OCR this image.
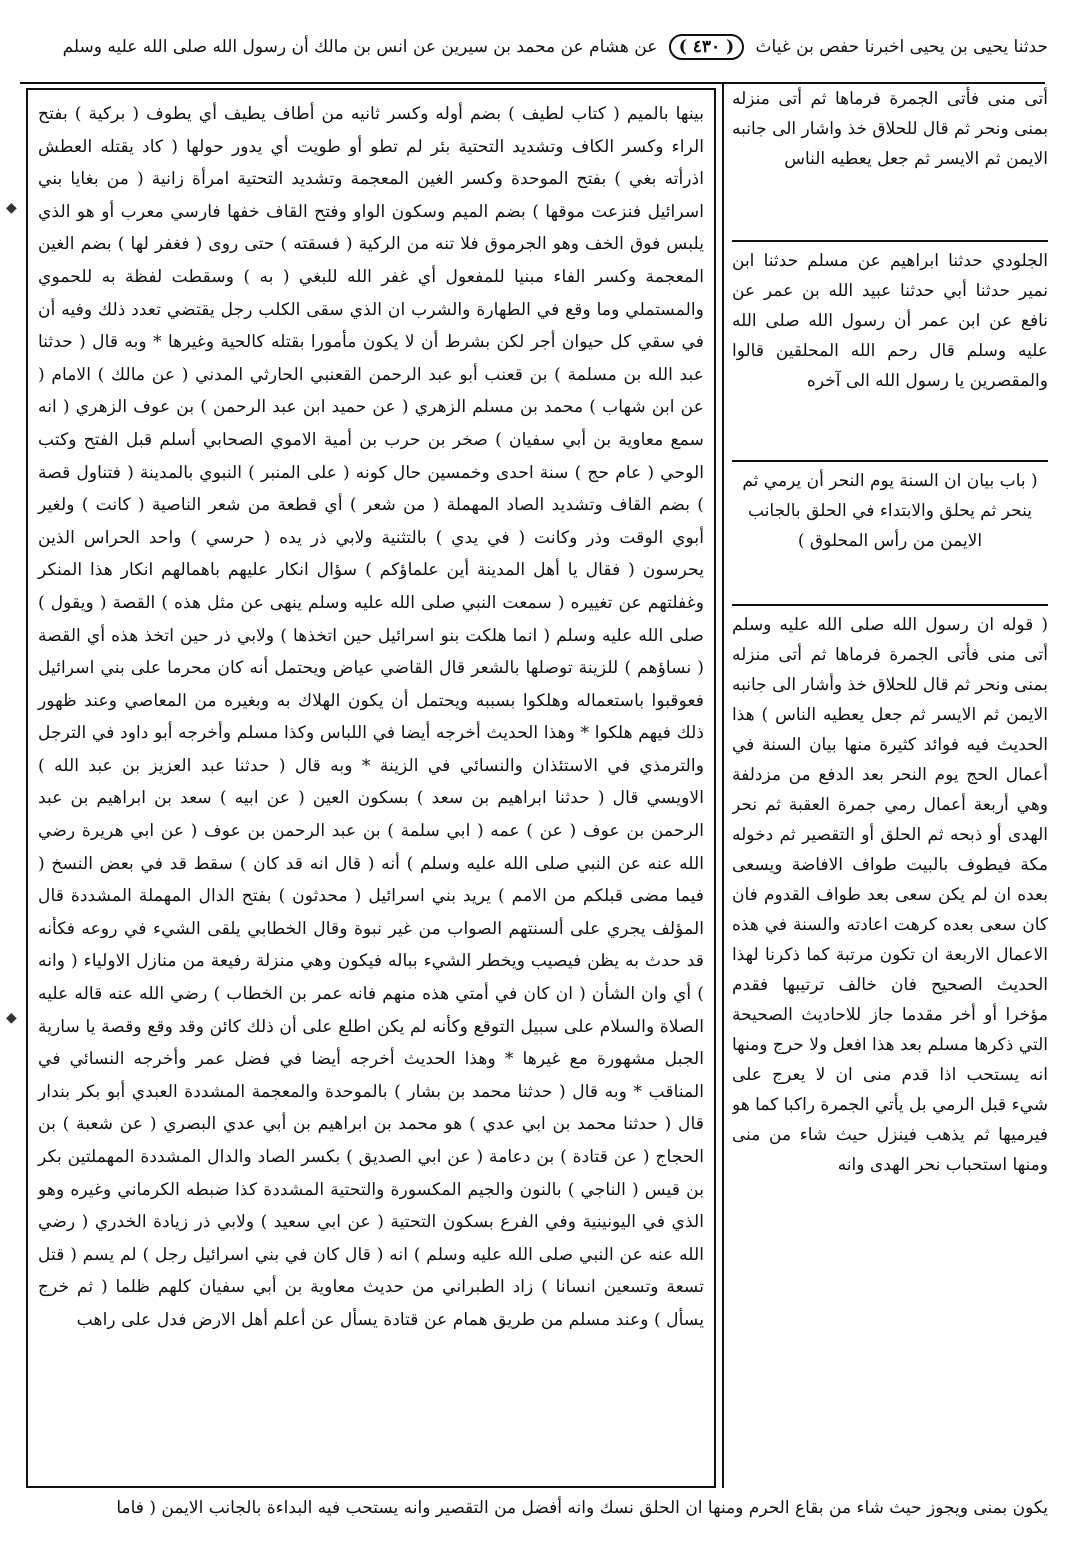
حدثنا يحيى بن يحيى اخبرنا حفص بن غياث ( ٤٣٠ ) عن هشام عن محمد بن سيرين عن انس بن مالك أن رسول الله صلى الله عليه وسلم

بينها بالميم ( كتاب لطيف ) بضم أوله وكسر ثانيه من أطاف يطيف أي يطوف ( بركية ) بفتح الراء وكسر الكاف وتشديد التحتية بئر لم تطو أو طويت أي يدور حولها ( كاد يقتله العطش اذرأته بغي ) بفتح الموحدة وكسر الغين المعجمة وتشديد التحتية امرأة زانية ( من بغايا بني اسرائيل فنزعت موقها ) بضم الميم وسكون الواو وفتح القاف خفها فارسي معرب أو هو الذي يلبس فوق الخف وهو الجرموق فلا تنه من الركية ( فسقته ) حتى روى ( فغفر لها ) بضم الغين المعجمة وكسر الفاء مبنيا للمفعول أي غفر الله للبغي ( به ) وسقطت لفظة به للحموي والمستملي وما وقع في الطهارة والشرب ان الذي سقى الكلب رجل يقتضي تعدد ذلك وفيه أن في سقي كل حيوان أجر لكن بشرط أن لا يكون مأمورا بقتله كالحية وغيرها * وبه قال ( حدثنا عبد الله بن مسلمة ) بن قعنب أبو عبد الرحمن القعنبي الحارثي المدني ( عن مالك ) الامام ( عن ابن شهاب ) محمد بن مسلم الزهري ( عن حميد ابن عبد الرحمن ) بن عوف الزهري ( انه سمع معاوية بن أبي سفيان ) صخر بن حرب بن أمية الاموي الصحابي أسلم قبل الفتح وكتب الوحي ( عام حج ) سنة احدى وخمسين حال كونه ( على المنبر ) النبوي بالمدينة ( فتناول قصة ) بضم القاف وتشديد الصاد المهملة ( من شعر ) أي قطعة من شعر الناصية ( كانت ) ولغير أبوي الوقت وذر وكانت ( في يدي ) بالتثنية ولابي ذر يده ( حرسي ) واحد الحراس الذين يحرسون ( فقال يا أهل المدينة أين علماؤكم ) سؤال انكار عليهم باهمالهم انكار هذا المنكر وغفلتهم عن تغييره ( سمعت النبي صلى الله عليه وسلم ينهى عن مثل هذه ) القصة ( ويقول ) صلى الله عليه وسلم ( انما هلكت بنو اسرائيل حين اتخذها ) ولابي ذر حين اتخذ هذه أي القصة ( نساؤهم ) للزينة توصلها بالشعر قال القاضي عياض ويحتمل أنه كان محرما على بني اسرائيل فعوقبوا باستعماله وهلكوا بسببه ويحتمل أن يكون الهلاك به وبغيره من المعاصي وعند ظهور ذلك فيهم هلكوا * وهذا الحديث أخرجه أيضا في اللباس وكذا مسلم وأخرجه أبو داود في الترجل والترمذي في الاستئذان والنسائي في الزينة * وبه قال ( حدثنا عبد العزيز بن عبد الله ) الاويسي قال ( حدثنا ابراهيم بن سعد ) بسكون العين ( عن ابيه ) سعد بن ابراهيم بن عبد الرحمن بن عوف ( عن ) عمه ( ابي سلمة ) بن عبد الرحمن بن عوف ( عن ابي هريرة رضي الله عنه عن النبي صلى الله عليه وسلم ) أنه ( قال انه قد كان ) سقط قد في بعض النسخ ( فيما مضى قبلكم من الامم ) يريد بني اسرائيل ( محدثون ) بفتح الدال المهملة المشددة قال المؤلف يجري على ألسنتهم الصواب من غير نبوة وقال الخطابي يلقى الشيء في روعه فكأنه قد حدث به يظن فيصيب ويخطر الشيء بباله فيكون وهي منزلة رفيعة من منازل الاولياء ( وانه ) أي وان الشأن ( ان كان في أمتي هذه منهم فانه عمر بن الخطاب ) رضي الله عنه قاله عليه الصلاة والسلام على سبيل التوقع وكأنه لم يكن اطلع على أن ذلك كائن وقد وقع وقصة يا سارية الجبل مشهورة مع غيرها * وهذا الحديث أخرجه أيضا في فضل عمر وأخرجه النسائي في المناقب * وبه قال ( حدثنا محمد بن بشار ) بالموحدة والمعجمة المشددة العبدي أبو بكر بندار قال ( حدثنا محمد بن ابي عدي ) هو محمد بن ابراهيم بن أبي عدي البصري ( عن شعبة ) بن الحجاج ( عن قتادة ) بن دعامة ( عن ابي الصديق ) بكسر الصاد والدال المشددة المهملتين بكر بن قيس ( الناجي ) بالنون والجيم المكسورة والتحتية المشددة كذا ضبطه الكرماني وغيره وهو الذي في اليونينية وفي الفرع بسكون التحتية ( عن ابي سعيد ) ولابي ذر زيادة الخدري ( رضي الله عنه عن النبي صلى الله عليه وسلم ) انه ( قال كان في بني اسرائيل رجل ) لم يسم ( قتل تسعة وتسعين انسانا ) زاد الطبراني من حديث معاوية بن أبي سفيان كلهم ظلما ( ثم خرج يسأل ) وعند مسلم من طريق همام عن قتادة يسأل عن أعلم أهل الارض فدل على راهب

أتى منى فأتى الجمرة فرماها ثم أتى منزله بمنى ونحر ثم قال للحلاق خذ واشار الى جانبه الايمن ثم الايسر ثم جعل يعطيه الناس

الجلودي حدثنا ابراهيم عن مسلم حدثنا ابن نمير حدثنا أبي حدثنا عبيد الله بن عمر عن نافع عن ابن عمر أن رسول الله صلى الله عليه وسلم قال رحم الله المحلقين قالوا والمقصرين يا رسول الله الى آخره

( باب بيان ان السنة يوم النحر أن يرمي ثم ينحر ثم يحلق والابتداء في الحلق بالجانب الايمن من رأس المحلوق )

( قوله ان رسول الله صلى الله عليه وسلم أتى منى فأتى الجمرة فرماها ثم أتى منزله بمنى ونحر ثم قال للحلاق خذ وأشار الى جانبه الايمن ثم الايسر ثم جعل يعطيه الناس ) هذا الحديث فيه فوائد كثيرة منها بيان السنة في أعمال الحج يوم النحر بعد الدفع من مزدلفة وهي أربعة أعمال رمي جمرة العقبة ثم نحر الهدى أو ذبحه ثم الحلق أو التقصير ثم دخوله مكة فيطوف بالبيت طواف الافاضة ويسعى بعده ان لم يكن سعى بعد طواف القدوم فان كان سعى بعده كرهت اعادته والسنة في هذه الاعمال الاربعة ان تكون مرتبة كما ذكرنا لهذا الحديث الصحيح فان خالف ترتيبها فقدم مؤخرا أو أخر مقدما جاز للاحاديث الصحيحة التي ذكرها مسلم بعد هذا افعل ولا حرج ومنها انه يستحب اذا قدم منى ان لا يعرج على شيء قبل الرمي بل يأتي الجمرة راكبا كما هو فيرميها ثم يذهب فينزل حيث شاء من منى ومنها استحباب نحر الهدى وانه

يكون بمنى ويجوز حيث شاء من بقاع الحرم ومنها ان الحلق نسك وانه أفضل من التقصير وانه يستحب فيه البداءة بالجانب الايمن ( فاما
◆
◆
